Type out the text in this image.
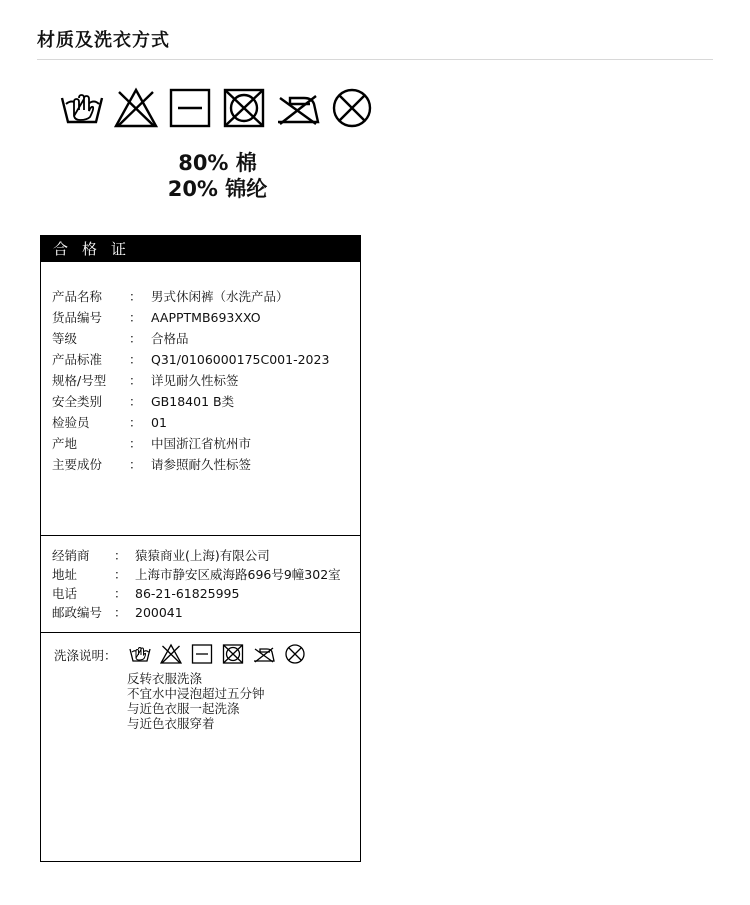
材质及洗衣方式
80% 棉
20% 锦纶
合格证
产品名称 ： 男式休闲裤（水洗产品）
货品编号 ： AAPPTMB693XXO
等级	： 合格品
产品标准 ： Q31/0106000175C001-2023
规格/号型 ： 详见耐久性标签
安全类别 ： GB18401 B类
检验员	： 01
产地	： 中国浙江省杭州市
主要成份 ： 请参照耐久性标签
经销商 ： 猿猿商业(上海)有限公司
地址	： 上海市静安区威海路696号9幢302室
电话	： 86-21-61825995
邮政编号 ： 200041
洗涤说明：
反转衣服洗涤
不宜水中浸泡超过五分钟
与近色衣服一起洗涤
与近色衣服穿着
